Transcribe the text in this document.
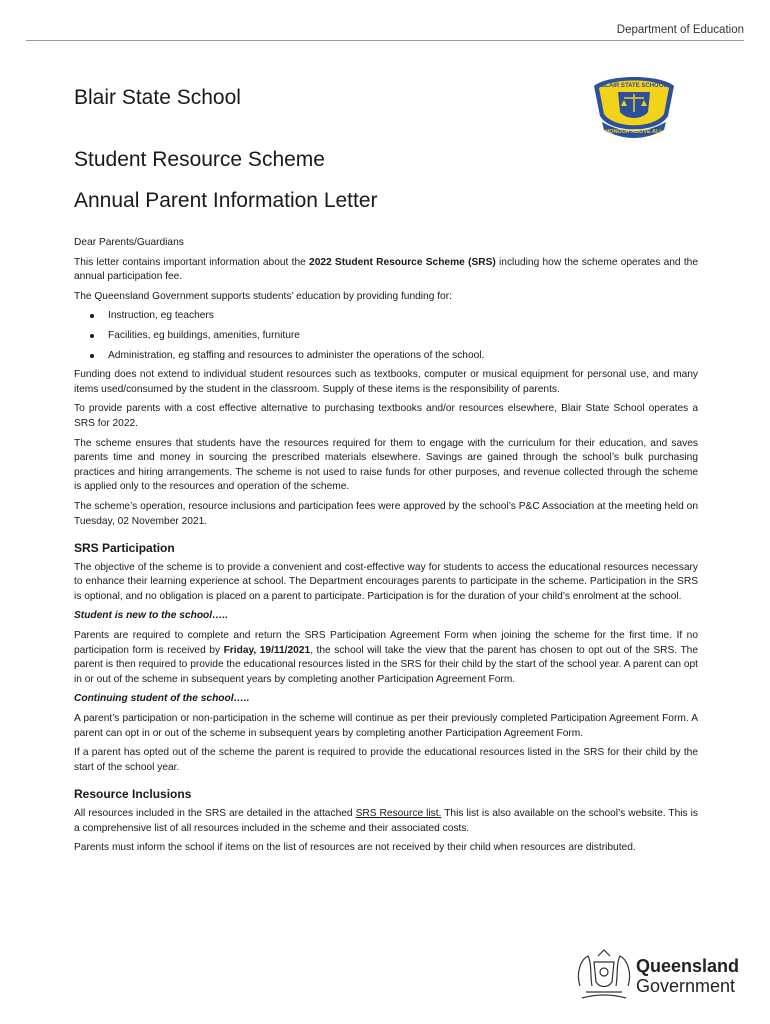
Department of Education
BLAIR STATE SCHOOL
HONOUR ABOVE ALL
Blair State School
Student Resource Scheme
Annual Parent Information Letter

Dear Parents/Guardians

This letter contains important information about the 2022 Student Resource Scheme (SRS) including how the scheme operates and the annual participation fee.

The Queensland Government supports students’ education by providing funding for:

Instruction, eg teachers
Facilities, eg buildings, amenities, furniture
Administration, eg staffing and resources to administer the operations of the school.

Funding does not extend to individual student resources such as textbooks, computer or musical equipment for personal use, and many items used/consumed by the student in the classroom. Supply of these items is the responsibility of parents.

To provide parents with a cost effective alternative to purchasing textbooks and/or resources elsewhere, Blair State School operates a SRS for 2022.

The scheme ensures that students have the resources required for them to engage with the curriculum for their education, and saves parents time and money in sourcing the prescribed materials elsewhere. Savings are gained through the school’s bulk purchasing practices and hiring arrangements. The scheme is not used to raise funds for other purposes, and revenue collected through the scheme is applied only to the resources and operation of the scheme.

The scheme’s operation, resource inclusions and participation fees were approved by the school’s P&C Association at the meeting held on Tuesday, 02 November 2021.

SRS Participation

The objective of the scheme is to provide a convenient and cost-effective way for students to access the educational resources necessary to enhance their learning experience at school. The Department encourages parents to participate in the scheme. Participation in the SRS is optional, and no obligation is placed on a parent to participate. Participation is for the duration of your child’s enrolment at the school.

Student is new to the school…..

Parents are required to complete and return the SRS Participation Agreement Form when joining the scheme for the first time. If no participation form is received by Friday, 19/11/2021, the school will take the view that the parent has chosen to opt out of the SRS. The parent is then required to provide the educational resources listed in the SRS for their child by the start of the school year. A parent can opt in or out of the scheme in subsequent years by completing another Participation Agreement Form.

Continuing student of the school…..

A parent’s participation or non-participation in the scheme will continue as per their previously completed Participation Agreement Form. A parent can opt in or out of the scheme in subsequent years by completing another Participation Agreement Form.

If a parent has opted out of the scheme the parent is required to provide the educational resources listed in the SRS for their child by the start of the school year.

Resource Inclusions

All resources included in the SRS are detailed in the attached SRS Resource list. This list is also available on the school’s website. This is a comprehensive list of all resources included in the scheme and their associated costs.

Parents must inform the school if items on the list of resources are not received by their child when resources are distributed.

Queensland
Government
